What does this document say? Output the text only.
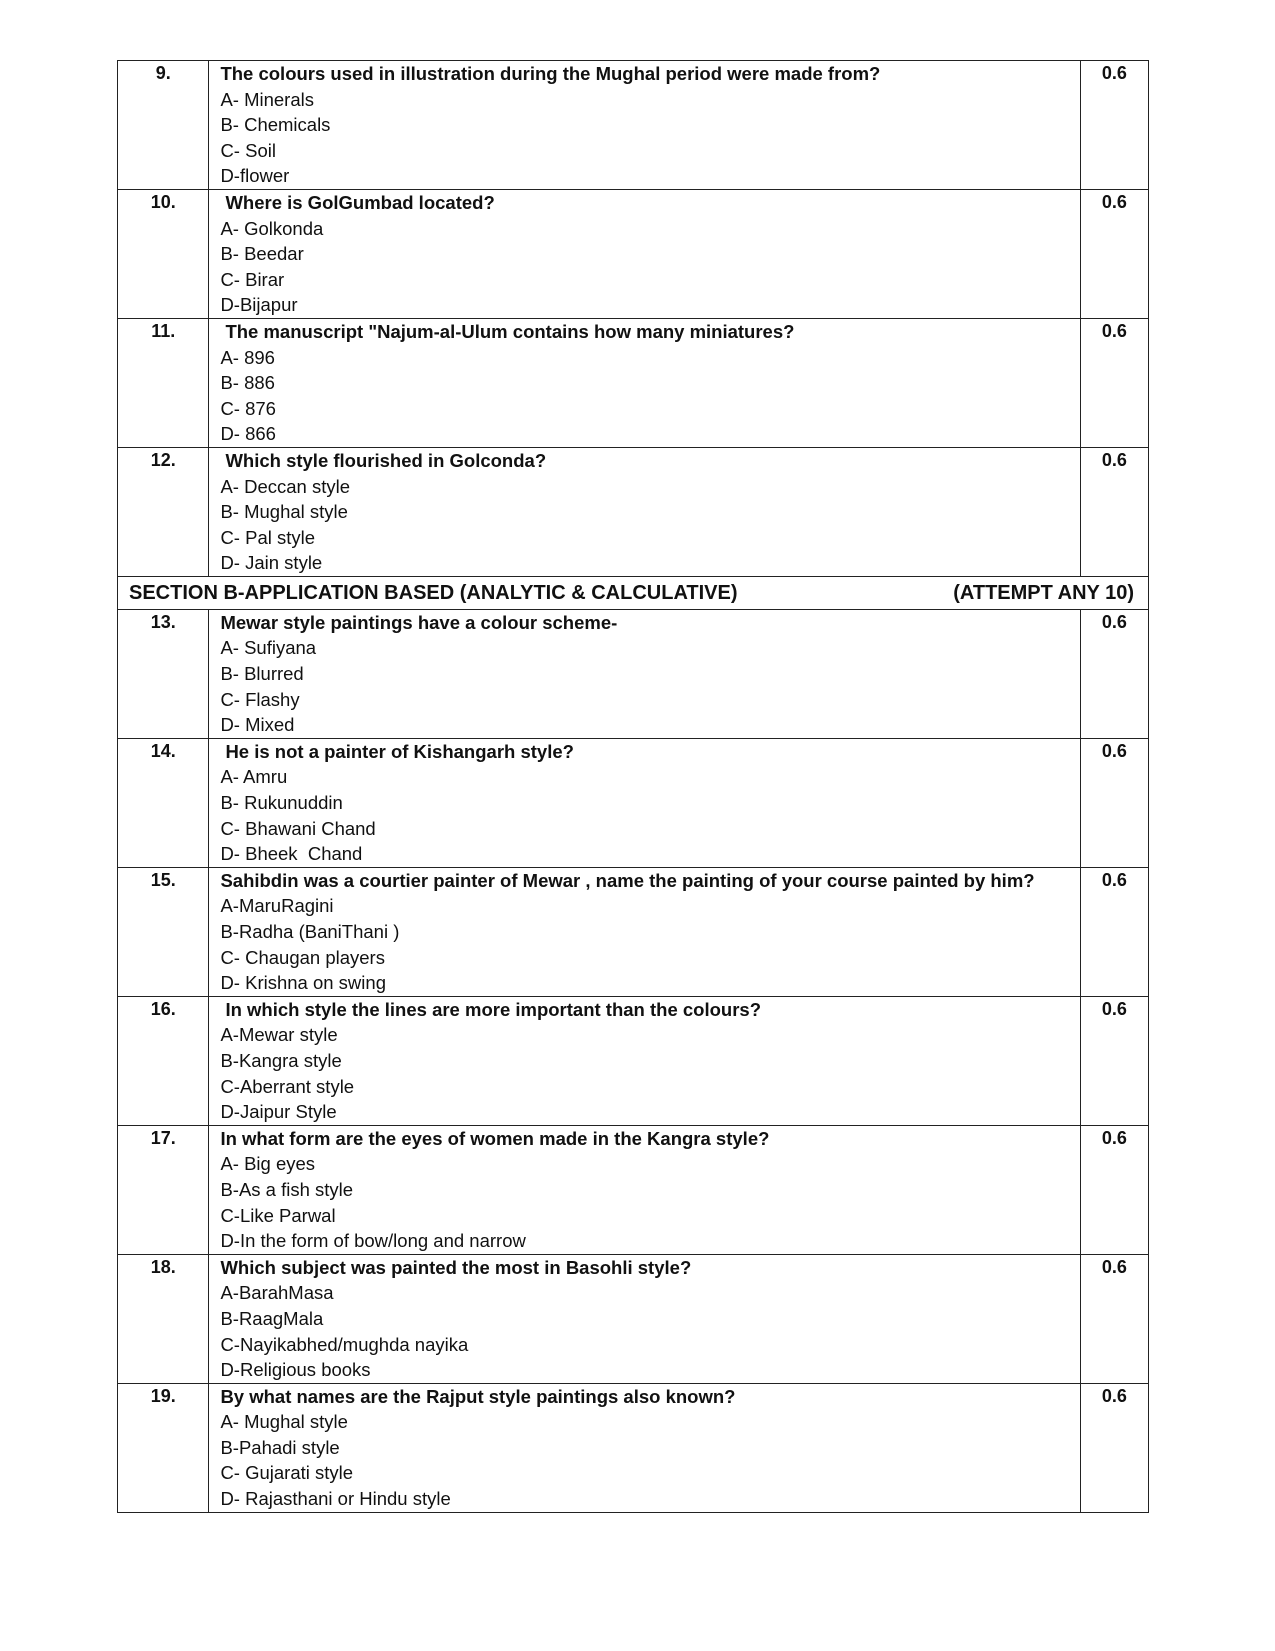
9.	The colours used in illustration during the Mughal period were made from?
A- Minerals
B- Chemicals
C- Soil
D-flower	0.6
10.	Where is GolGumbad located?
A- Golkonda
B- Beedar
C- Birar
D-Bijapur	0.6
11.	The manuscript "Najum-al-Ulum contains how many miniatures?
A- 896
B- 886
C- 876
D- 866	0.6
12.	Which style flourished in Golconda?
A- Deccan style
B- Mughal style
C- Pal style
D- Jain style	0.6

SECTION B-APPLICATION BASED (ANALYTIC & CALCULATIVE) (ATTEMPT ANY 10)		

13.	Mewar style paintings have a colour scheme-
A- Sufiyana
B- Blurred
C- Flashy
D- Mixed	0.6
14.	He is not a painter of Kishangarh style?
A- Amru
B- Rukunuddin
C- Bhawani Chand
D- Bheek  Chand	0.6
15.	Sahibdin was a courtier painter of Mewar , name the painting of your course painted by him?
A-MaruRagini
B-Radha (BaniThani )
C- Chaugan players
D- Krishna on swing	0.6
16.	In which style the lines are more important than the colours?
A-Mewar style
B-Kangra style
C-Aberrant style
D-Jaipur Style	0.6
17.	In what form are the eyes of women made in the Kangra style?
A- Big eyes
B-As a fish style
C-Like Parwal
D-In the form of bow/long and narrow	0.6
18.	Which subject was painted the most in Basohli style?
A-BarahMasa
B-RaagMala
C-Nayikabhed/mughda nayika
D-Religious books	0.6
19.	By what names are the Rajput style paintings also known?
A- Mughal style
B-Pahadi style
C- Gujarati style
D- Rajasthani or Hindu style	0.6
